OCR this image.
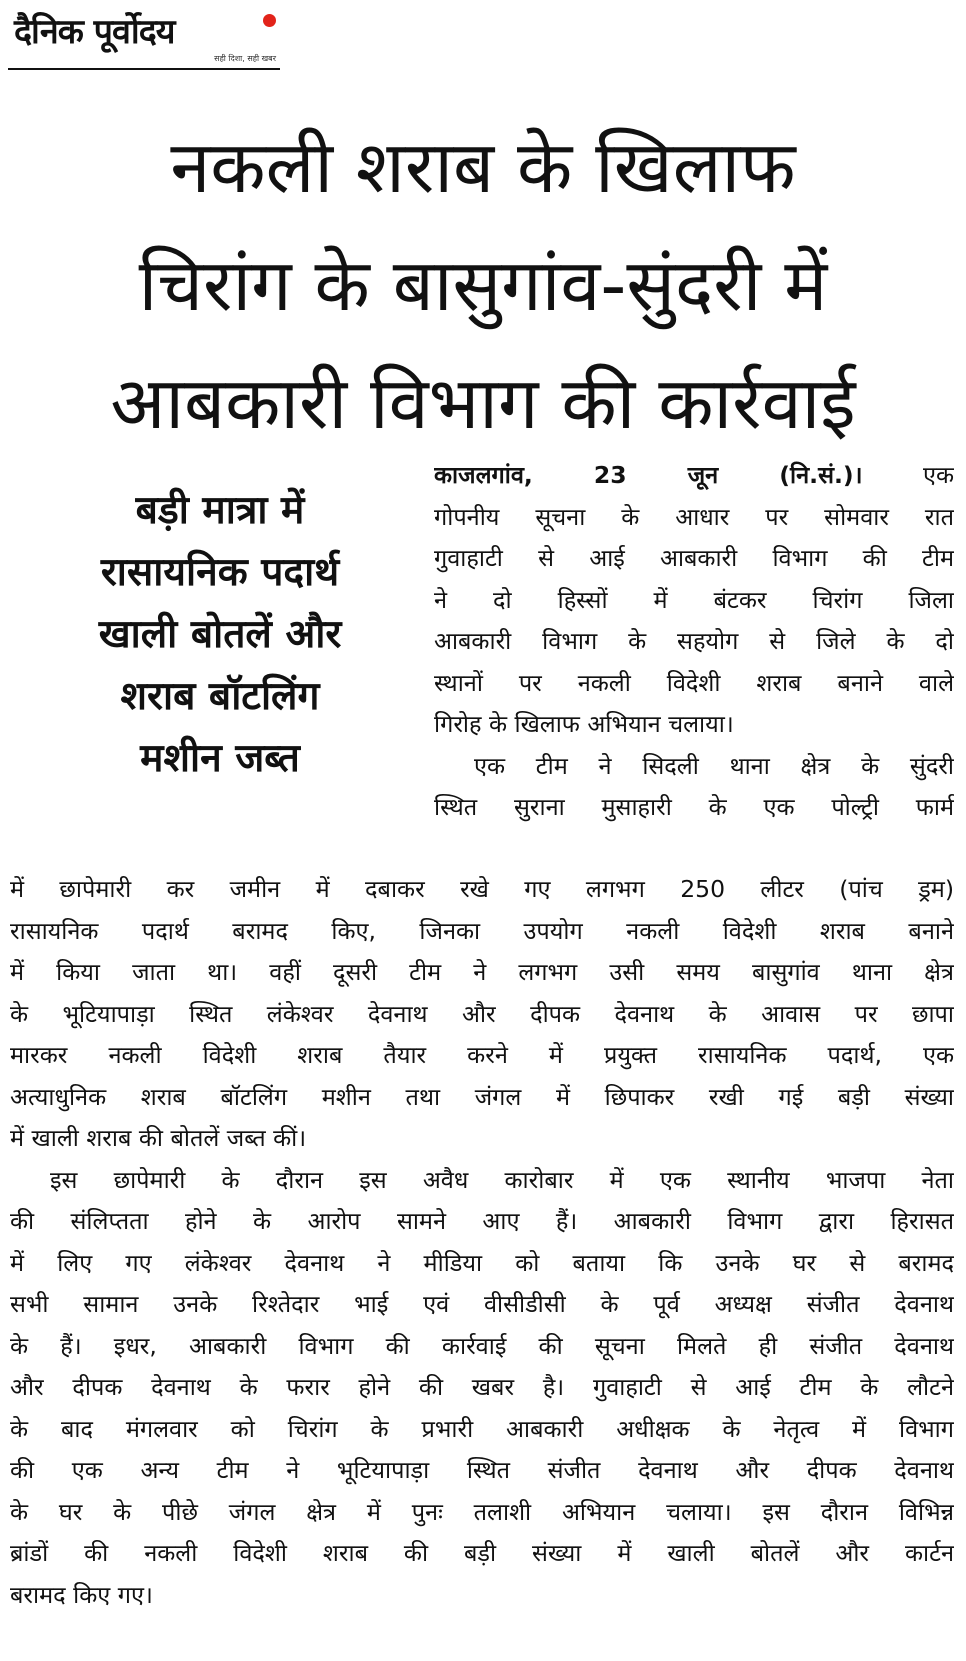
दैनिक पूर्वोदय
सही दिशा, सही खबर
नकली शराब के खिलाफ
चिरांग के बासुगांव-सुंदरी में
आबकारी विभाग की कार्रवाई
बड़ी मात्रा में
रासायनिक पदार्थ
खाली बोतलें और
शराब बॉटलिंग
मशीन जब्त
काजलगांव, 23 जून (नि.सं.)। एक
गोपनीय सूचना के आधार पर सोमवार रात
गुवाहाटी से आई आबकारी विभाग की टीम
ने दो हिस्सों में बंटकर चिरांग जिला
आबकारी विभाग के सहयोग से जिले के दो
स्थानों पर नकली विदेशी शराब बनाने वाले
गिरोह के खिलाफ अभियान चलाया।
एक टीम ने सिदली थाना क्षेत्र के सुंदरी
स्थित सुराना मुसाहारी के एक पोल्ट्री फार्म
में छापेमारी कर जमीन में दबाकर रखे गए लगभग 250 लीटर (पांच ड्रम)
रासायनिक पदार्थ बरामद किए, जिनका उपयोग नकली विदेशी शराब बनाने
में किया जाता था। वहीं दूसरी टीम ने लगभग उसी समय बासुगांव थाना क्षेत्र
के भूटियापाड़ा स्थित लंकेश्वर देवनाथ और दीपक देवनाथ के आवास पर छापा
मारकर नकली विदेशी शराब तैयार करने में प्रयुक्त रासायनिक पदार्थ, एक
अत्याधुनिक शराब बॉटलिंग मशीन तथा जंगल में छिपाकर रखी गई बड़ी संख्या
में खाली शराब की बोतलें जब्त कीं।
इस छापेमारी के दौरान इस अवैध कारोबार में एक स्थानीय भाजपा नेता
की संलिप्तता होने के आरोप सामने आए हैं। आबकारी विभाग द्वारा हिरासत
में लिए गए लंकेश्वर देवनाथ ने मीडिया को बताया कि उनके घर से बरामद
सभी सामान उनके रिश्तेदार भाई एवं वीसीडीसी के पूर्व अध्यक्ष संजीत देवनाथ
के हैं। इधर, आबकारी विभाग की कार्रवाई की सूचना मिलते ही संजीत देवनाथ
और दीपक देवनाथ के फरार होने की खबर है। गुवाहाटी से आई टीम के लौटने
के बाद मंगलवार को चिरांग के प्रभारी आबकारी अधीक्षक के नेतृत्व में विभाग
की एक अन्य टीम ने भूटियापाड़ा स्थित संजीत देवनाथ और दीपक देवनाथ
के घर के पीछे जंगल क्षेत्र में पुनः तलाशी अभियान चलाया। इस दौरान विभिन्न
ब्रांडों की नकली विदेशी शराब की बड़ी संख्या में खाली बोतलें और कार्टन
बरामद किए गए।
